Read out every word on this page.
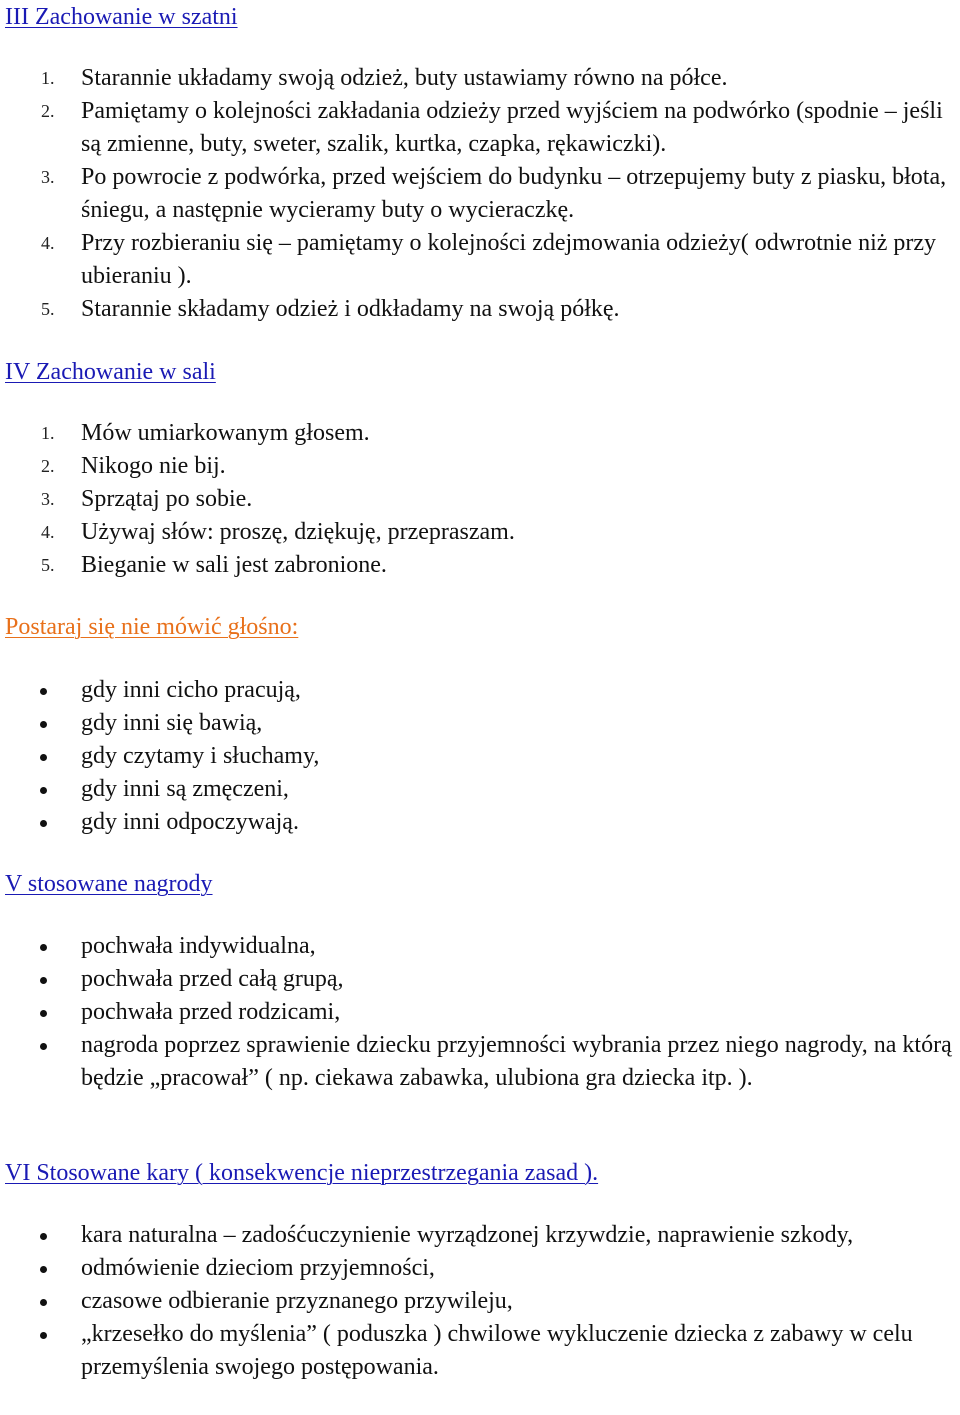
III Zachowanie w szatni
1. Starannie układamy swoją odzież, buty ustawiamy równo na półce.
2. Pamiętamy o kolejności zakładania odzieży przed wyjściem na podwórko (spodnie – jeśli są zmienne, buty, sweter, szalik, kurtka, czapka, rękawiczki).
3. Po powrocie z podwórka, przed wejściem do budynku – otrzepujemy buty z piasku, błota, śniegu, a następnie wycieramy buty o wycieraczkę.
4. Przy rozbieraniu się – pamiętamy o kolejności zdejmowania odzieży( odwrotnie niż przy ubieraniu ).
5. Starannie składamy odzież i odkładamy na swoją półkę.
IV Zachowanie w sali
1. Mów umiarkowanym głosem.
2. Nikogo nie bij.
3. Sprzątaj po sobie.
4. Używaj słów: proszę, dziękuję, przepraszam.
5. Bieganie w sali jest zabronione.
Postaraj się nie mówić głośno:
gdy inni cicho pracują,
gdy inni się bawią,
gdy czytamy i słuchamy,
gdy inni są zmęczeni,
gdy inni odpoczywają.
V stosowane nagrody
pochwała indywidualna,
pochwała przed całą grupą,
pochwała przed rodzicami,
nagroda poprzez sprawienie dziecku przyjemności wybrania przez niego nagrody, na którą będzie „pracował” ( np. ciekawa zabawka, ulubiona gra dziecka itp. ).
VI Stosowane kary ( konsekwencje nieprzestrzegania zasad ).
kara naturalna – zadośćuczynienie wyrządzonej krzywdzie, naprawienie szkody,
odmówienie dzieciom przyjemności,
czasowe odbieranie przyznanego przywileju,
„krzesełko do myślenia” ( poduszka ) chwilowe wykluczenie dziecka z zabawy w celu przemyślenia swojego postępowania.
